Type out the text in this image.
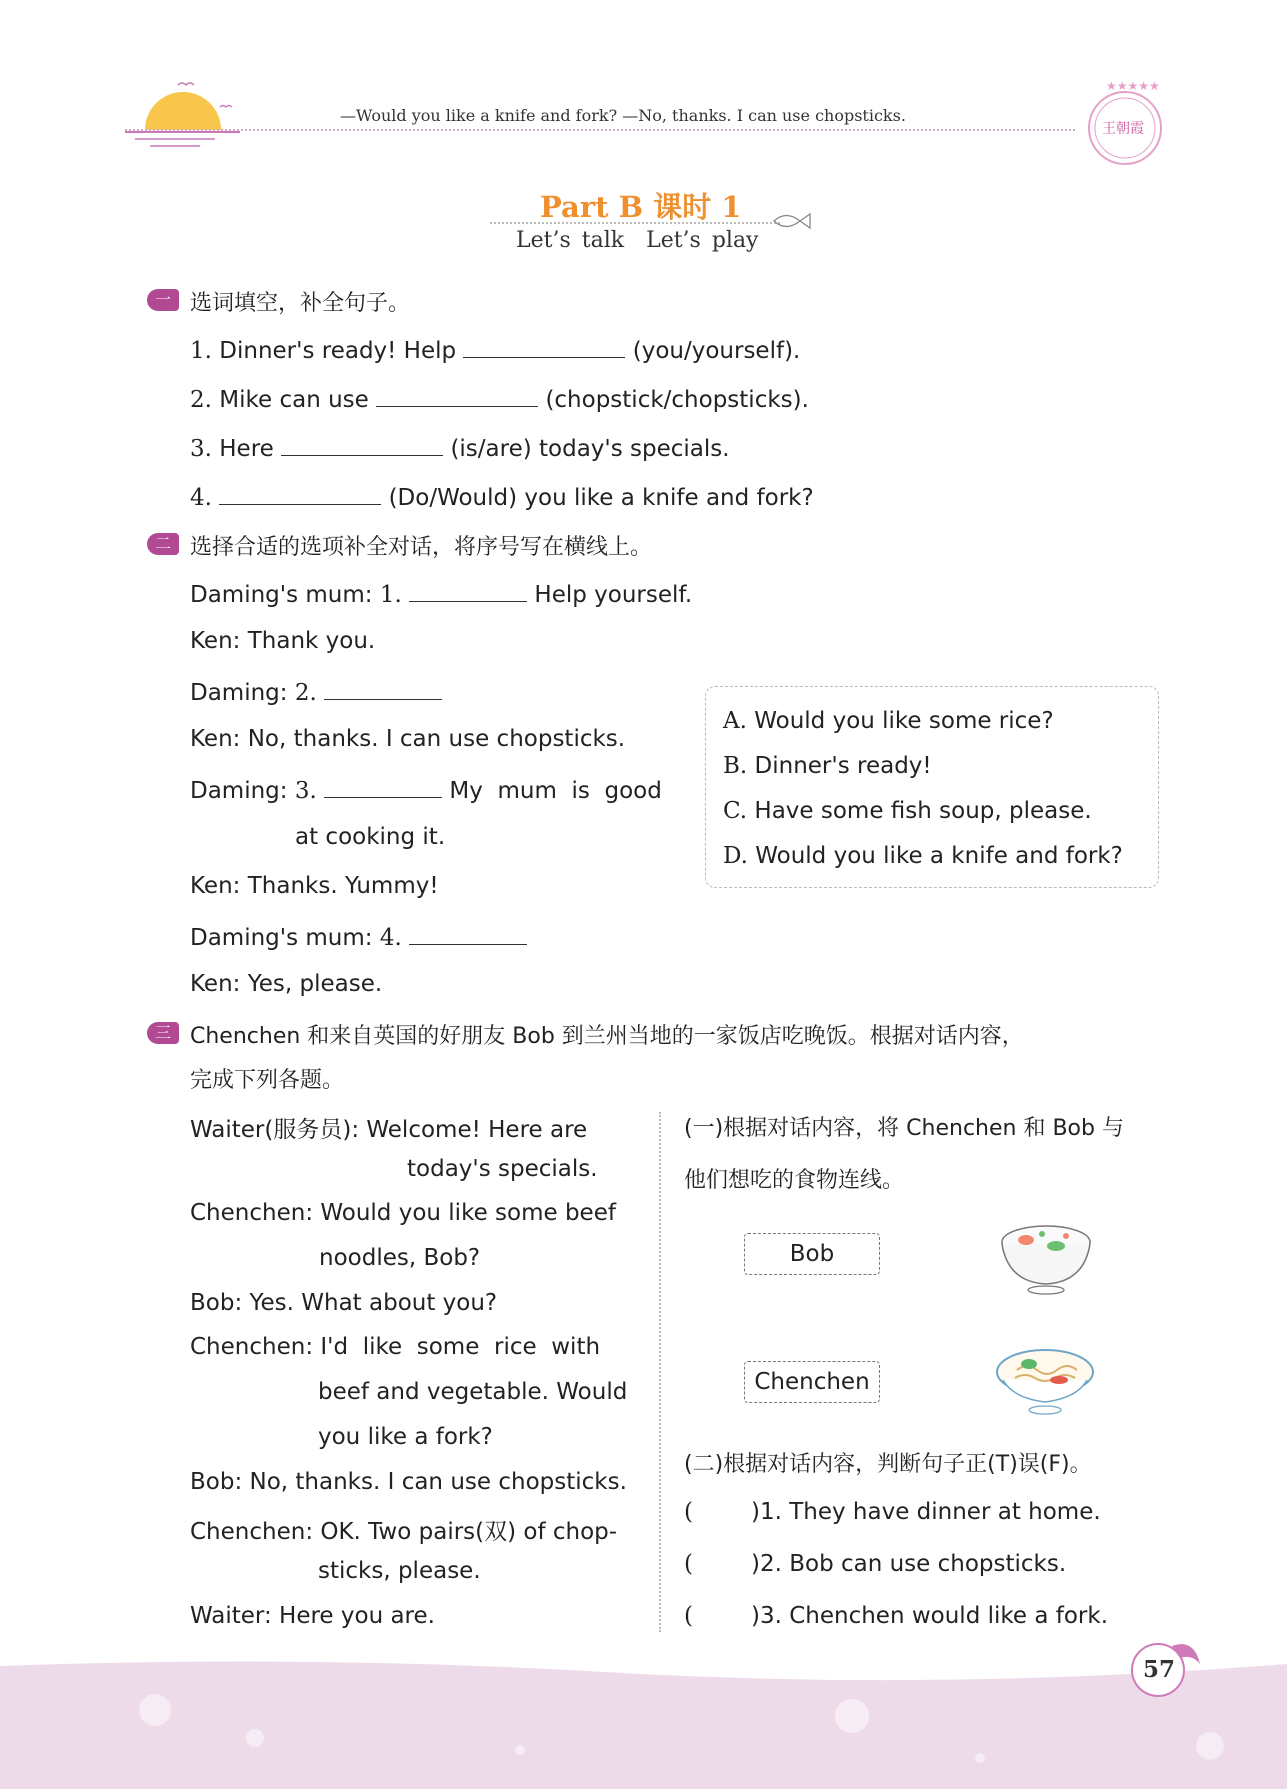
—Would you like a knife and fork? —No, thanks. I can use chopsticks.
★★★★★
王朝霞
Part B 课时 1
Let’s talk Let’s play
一 选词填空，补全句子。
1. Dinner's ready! Help	(you/yourself).
2. Mike can use	(chopstick/chopsticks).
3. Here	(is/are) today's specials.
4.	(Do/Would) you like a knife and fork?
二 选择合适的选项补全对话，将序号写在横线上。
Daming's mum: 1.	Help yourself.
Ken: Thank you.
Daming: 2.
Ken: No, thanks. I can use chopsticks.
Daming: 3.	My  mum  is  good
at cooking it.
Ken: Thanks. Yummy!
Daming's mum: 4.
Ken: Yes, please.
A. Would you like some rice?
B. Dinner's ready!
C. Have some fish soup, please.
D. Would you like a knife and fork?
三 Chenchen 和来自英国的好朋友 Bob 到兰州当地的一家饭店吃晚饭。根据对话内容，
完成下列各题。
Waiter(服务员): Welcome! Here are
today's specials.
Chenchen: Would you like some beef
noodles, Bob?
Bob: Yes. What about you?
Chenchen: I'd  like  some  rice  with
beef and vegetable. Would
you like a fork?
Bob: No, thanks. I can use chopsticks.
Chenchen: OK. Two pairs(双) of chop-
sticks, please.
Waiter: Here you are.
(一)根据对话内容，将 Chenchen 和 Bob 与
他们想吃的食物连线。
Bob
Chenchen
(二)根据对话内容，判断句子正(T)误(F)。
(	)1. They have dinner at home.
(	)2. Bob can use chopsticks.
(	)3. Chenchen would like a fork.
57
